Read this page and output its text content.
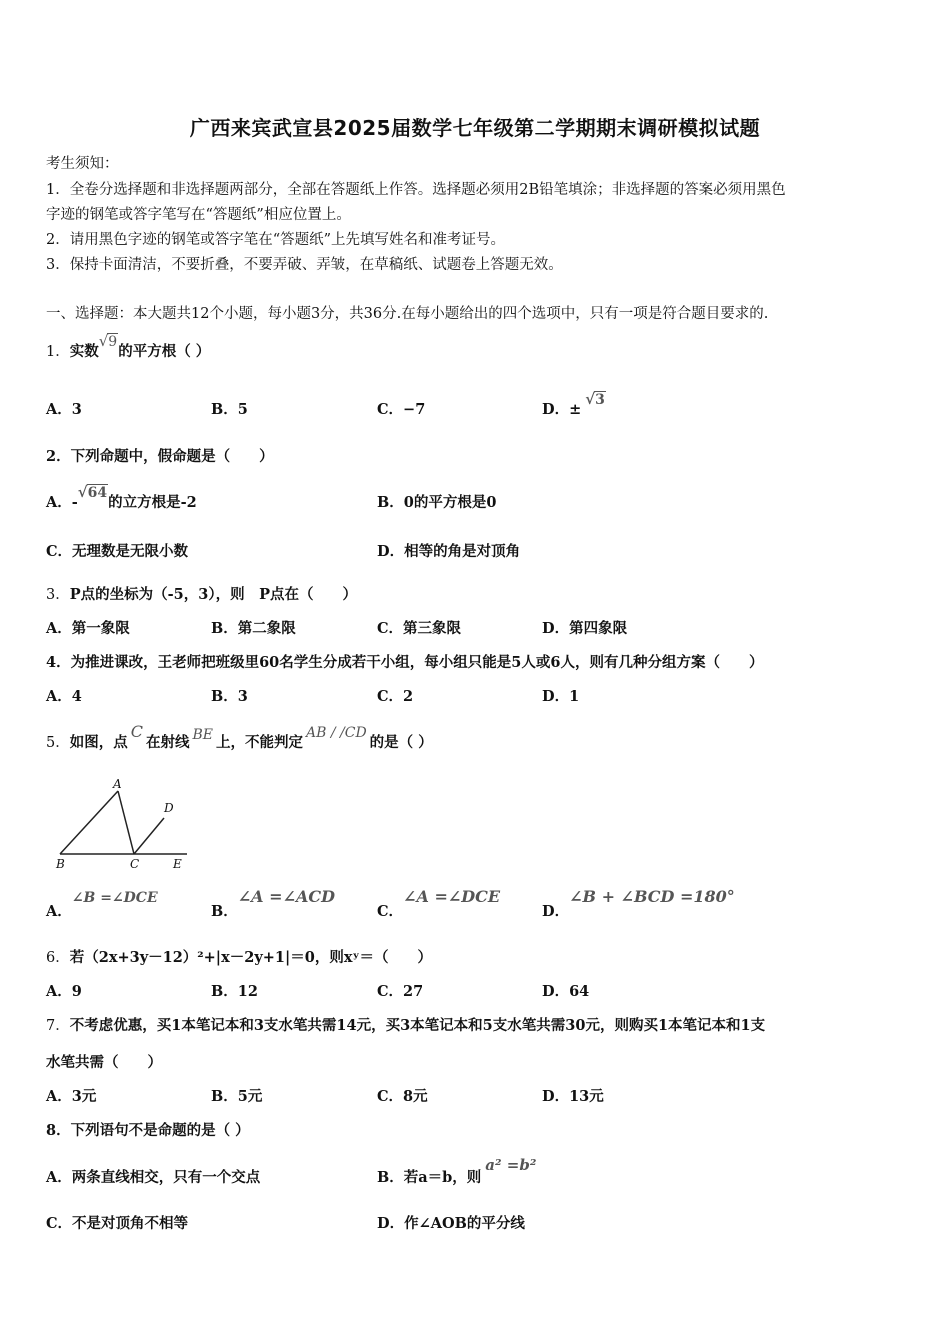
广西来宾武宣县2025届数学七年级第二学期期末调研模拟试题
考生须知：
1．全卷分选择题和非选择题两部分，全部在答题纸上作答。选择题必须用2B铅笔填涂；非选择题的答案必须用黑色
字迹的钢笔或答字笔写在“答题纸”相应位置上。
2．请用黑色字迹的钢笔或答字笔在“答题纸”上先填写姓名和准考证号。
3．保持卡面清洁，不要折叠，不要弄破、弄皱，在草稿纸、试题卷上答题无效。
一、选择题：本大题共12个小题，每小题3分，共36分.在每小题给出的四个选项中，只有一项是符合题目要求的.
1．实数√9的平方根（ ）
A．3	B．5	C．−7	D．±√3
2．下列命题中，假命题是（　　）
A．-√64的立方根是-2	B．0的平方根是0
C．无理数是无限小数	D．相等的角是对顶角
3．P点的坐标为（-5，3），则　P点在（　　）
A．第一象限	B．第二象限	C．第三象限	D．第四象限
4．为推进课改，王老师把班级里60名学生分成若干小组，每小组只能是5人或6人，则有几种分组方案（　　）
A．4	B．3	C．2	D．1
5．如图，点C在射线 BE 上，不能判定AB / /CD的是（ ）
A
D
B	C	E
A．∠B =∠DCE
B．∠A =∠ACD
C．∠A =∠DCE
D．∠B + ∠BCD =180°
6．若（2x+3y－12）²+|x－2y+1|＝0，则xʸ＝（　　）
A．9	B．12	C．27	D．64
7．不考虑优惠，买1本笔记本和3支水笔共需14元，买3本笔记本和5支水笔共需30元，则购买1本笔记本和1支
水笔共需（　　）
A．3元	B．5元	C．8元	D．13元
8．下列语句不是命题的是（ ）
A．两条直线相交，只有一个交点	B．若a＝b，则a² =b²
C．不是对顶角不相等	D．作∠AOB的平分线
